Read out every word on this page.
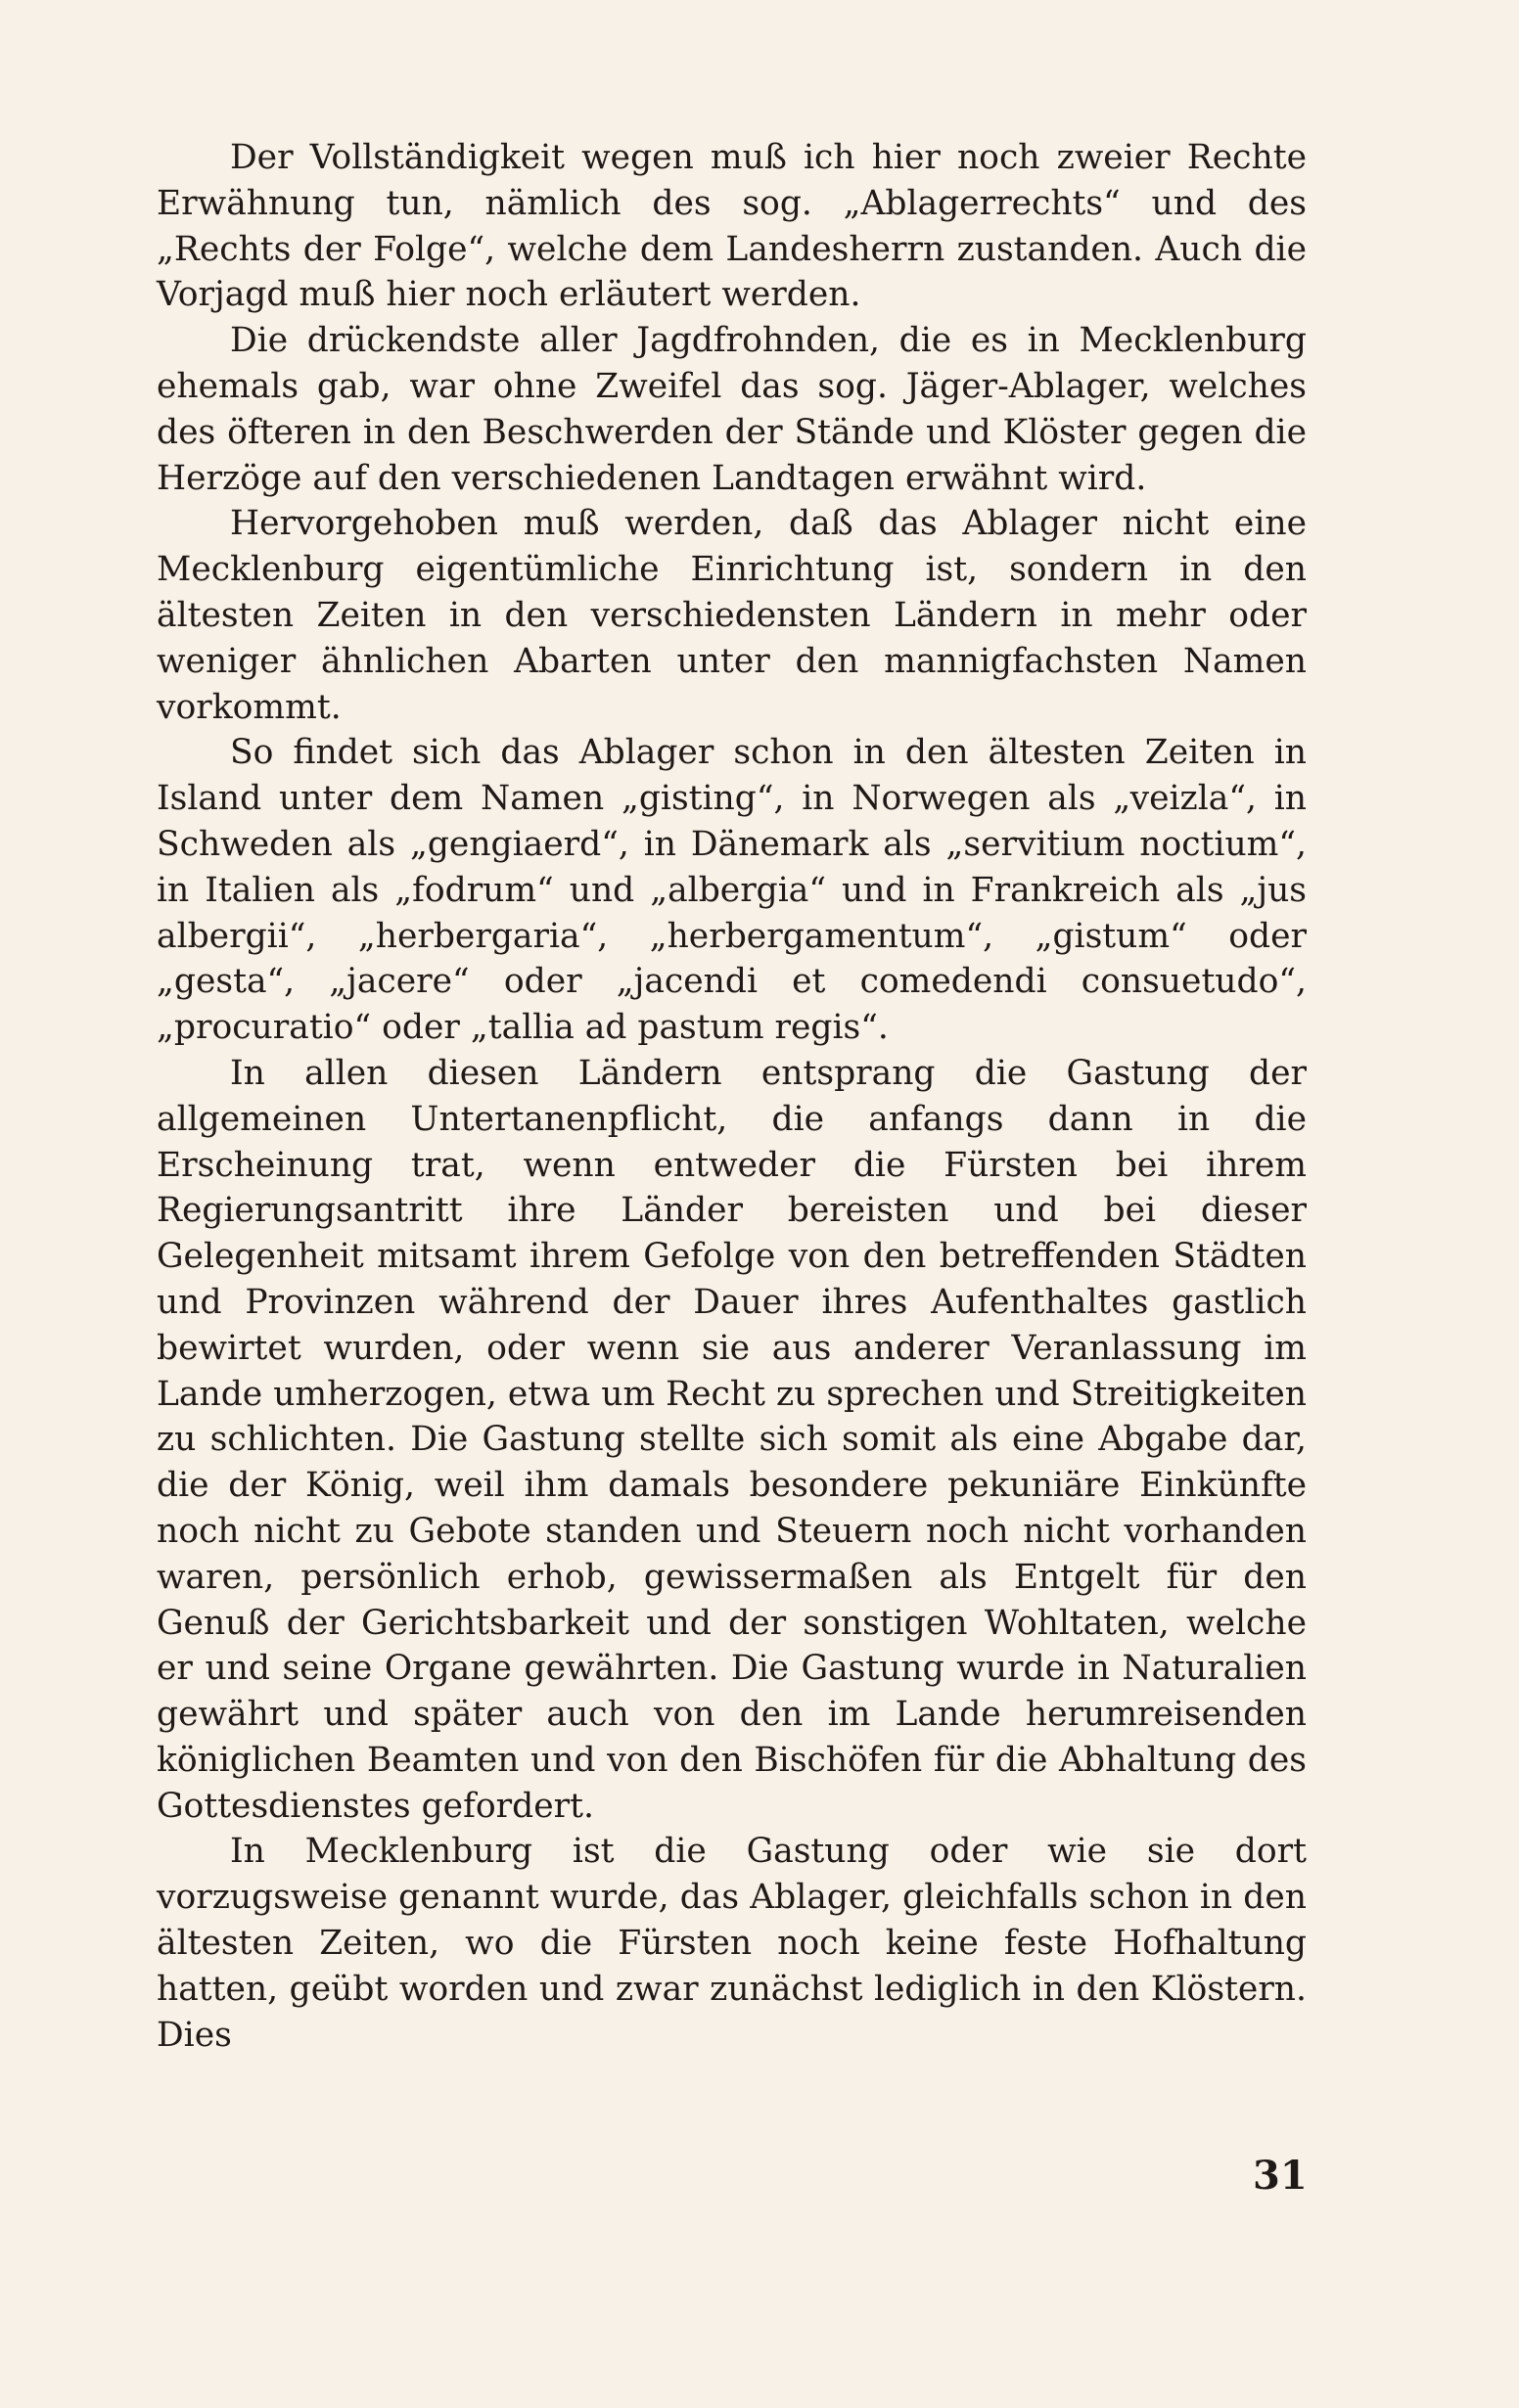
Der Vollständigkeit wegen muß ich hier noch zweier Rechte Erwähnung tun, nämlich des sog. „Ablagerrechts“ und des „Rechts der Folge“, welche dem Landesherrn zustanden. Auch die Vorjagd muß hier noch erläutert werden.

Die drückendste aller Jagdfrohnden, die es in Mecklenburg ehemals gab, war ohne Zweifel das sog. Jäger-Ablager, welches des öfteren in den Beschwerden der Stände und Klöster gegen die Herzöge auf den verschiedenen Landtagen erwähnt wird.

Hervorgehoben muß werden, daß das Ablager nicht eine Mecklenburg eigentümliche Einrichtung ist, sondern in den ältesten Zeiten in den verschiedensten Ländern in mehr oder weniger ähnlichen Abarten unter den mannigfachsten Namen vorkommt.

So findet sich das Ablager schon in den ältesten Zeiten in Island unter dem Namen „gisting“, in Norwegen als „veizla“, in Schweden als „gengiaerd“, in Dänemark als „servitium noctium“, in Italien als „fodrum“ und „albergia“ und in Frankreich als „jus albergii“, „herbergaria“, „herbergamentum“, „gistum“ oder „gesta“, „jacere“ oder „jacendi et comedendi consuetudo“, „procuratio“ oder „tallia ad pastum regis“.

In allen diesen Ländern entsprang die Gastung der allgemeinen Untertanenpflicht, die anfangs dann in die Erscheinung trat, wenn entweder die Fürsten bei ihrem Regierungsantritt ihre Länder bereisten und bei dieser Gelegenheit mitsamt ihrem Gefolge von den betreffenden Städten und Provinzen während der Dauer ihres Aufenthaltes gastlich bewirtet wurden, oder wenn sie aus anderer Veranlassung im Lande umherzogen, etwa um Recht zu sprechen und Streitigkeiten zu schlichten. Die Gastung stellte sich somit als eine Abgabe dar, die der König, weil ihm damals besondere pekuniäre Einkünfte noch nicht zu Gebote standen und Steuern noch nicht vorhanden waren, persönlich erhob, gewissermaßen als Entgelt für den Genuß der Gerichtsbarkeit und der sonstigen Wohltaten, welche er und seine Organe gewährten. Die Gastung wurde in Naturalien gewährt und später auch von den im Lande herumreisenden königlichen Beamten und von den Bischöfen für die Abhaltung des Gottesdienstes gefordert.

In Mecklenburg ist die Gastung oder wie sie dort vorzugsweise genannt wurde, das Ablager, gleichfalls schon in den ältesten Zeiten, wo die Fürsten noch keine feste Hofhaltung hatten, geübt worden und zwar zunächst lediglich in den Klöstern. Dies

31
